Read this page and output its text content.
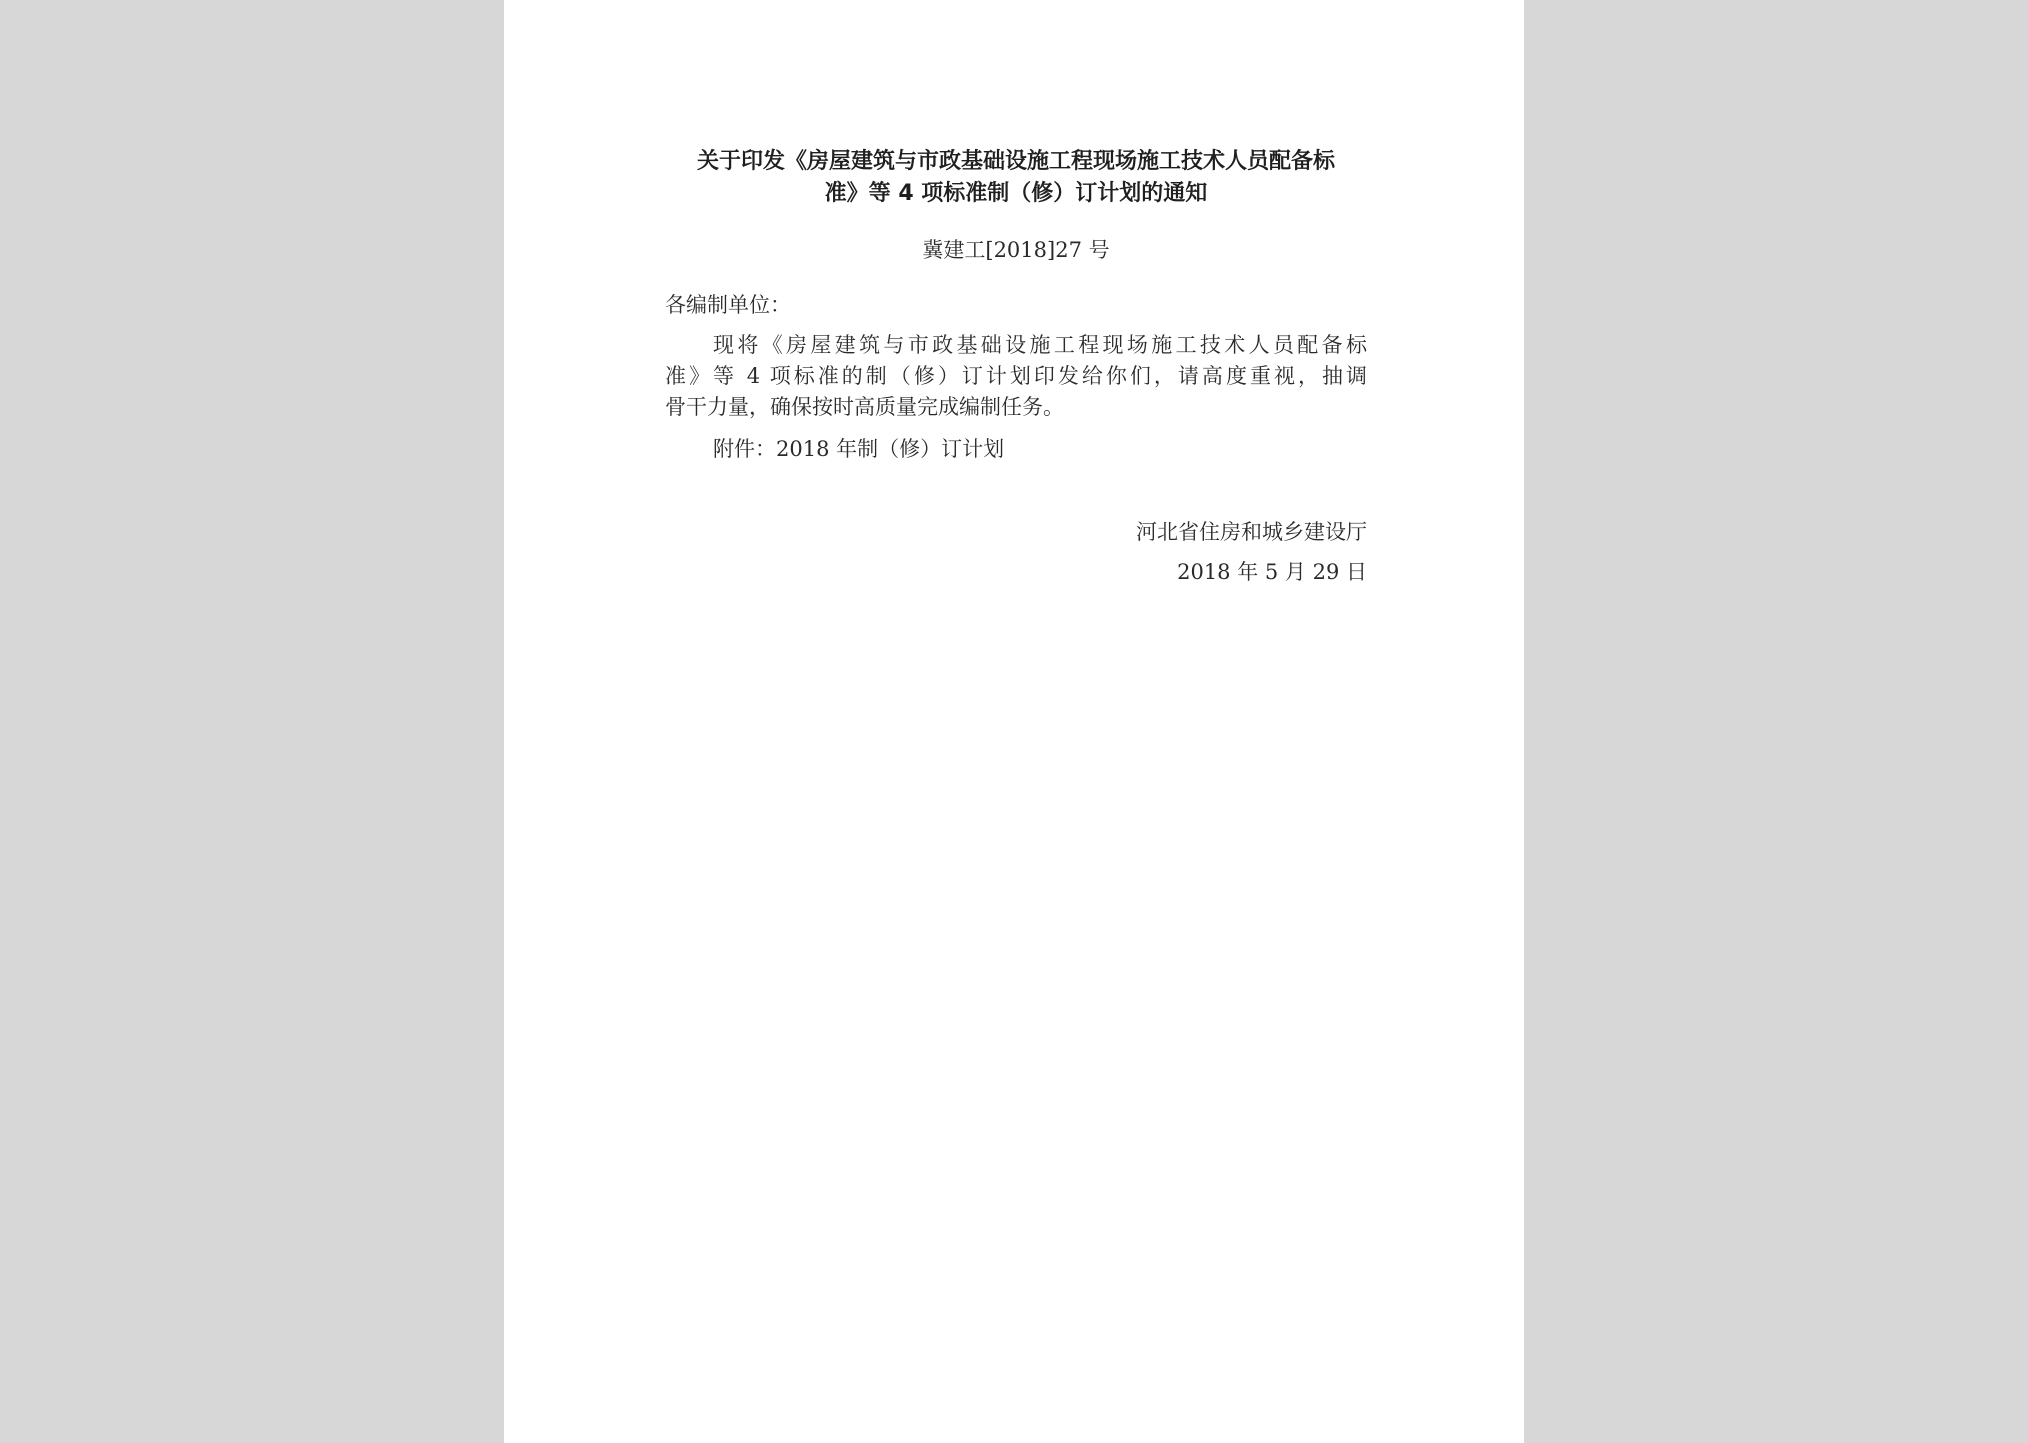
关于印发《房屋建筑与市政基础设施工程现场施工技术人员配备标
准》等 4 项标准制（修）订计划的通知
冀建工[2018]27 号
各编制单位：
现将《房屋建筑与市政基础设施工程现场施工技术人员配备标
准》等 4 项标准的制（修）订计划印发给你们，请高度重视，抽调
骨干力量，确保按时高质量完成编制任务。
附件：2018 年制（修）订计划
河北省住房和城乡建设厅
2018 年 5 月 29 日
